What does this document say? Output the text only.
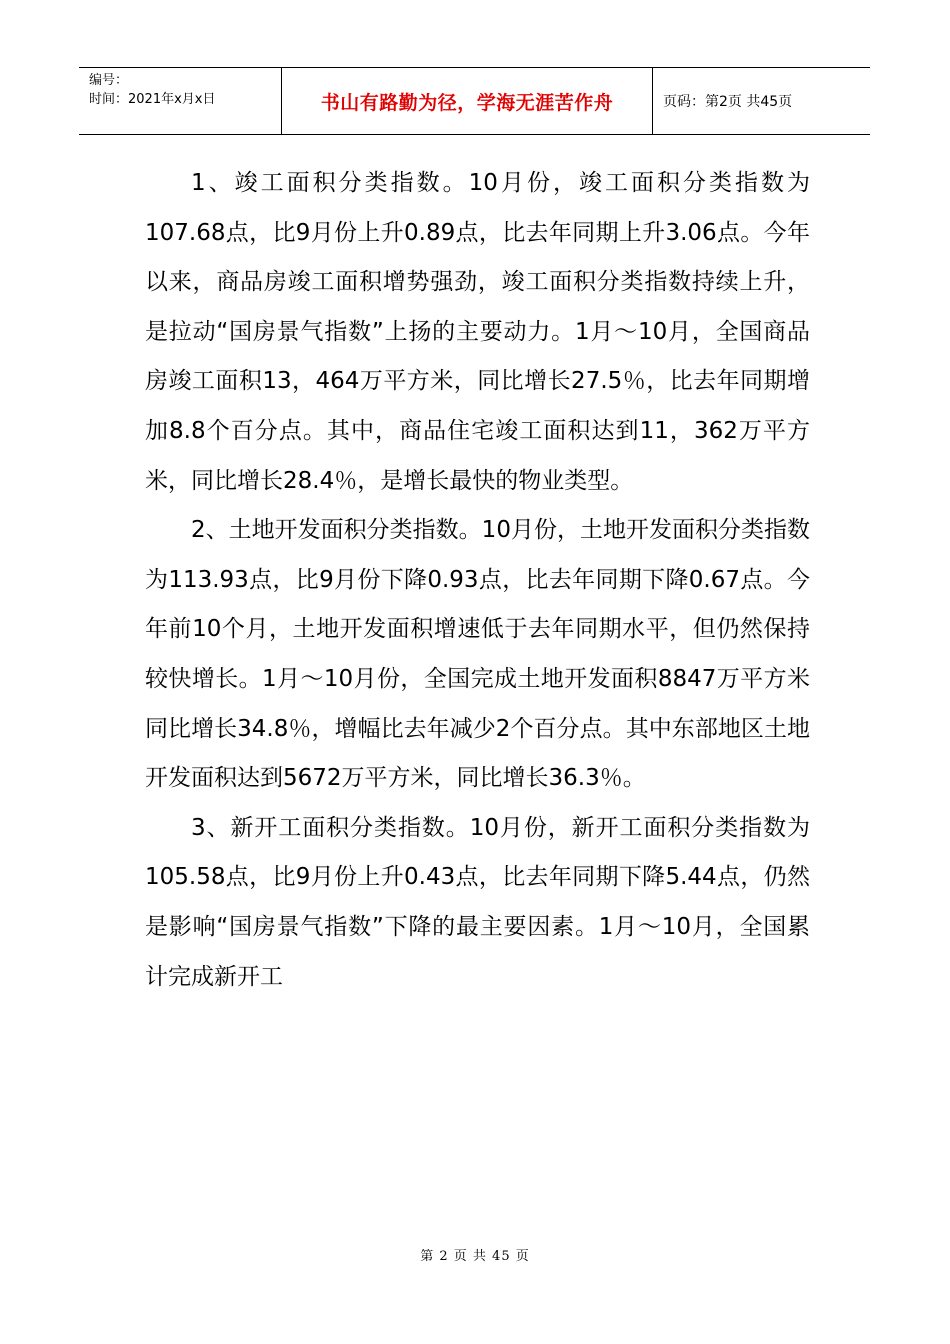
编号：
时间：2021年x月x日	书山有路勤为径，学海无涯苦作舟	页码：第2页 共45页

1、竣工面积分类指数。10月份，竣工面积分类指数为107.68点，比9月份上升0.89点，比去年同期上升3.06点。今年以来，商品房竣工面积增势强劲，竣工面积分类指数持续上升，是拉动“国房景气指数”上扬的主要动力。1月～10月，全国商品房竣工面积13，464万平方米，同比增长27.5％，比去年同期增加8.8个百分点。其中，商品住宅竣工面积达到11，362万平方米，同比增长28.4％，是增长最快的物业类型。

2、土地开发面积分类指数。10月份，土地开发面积分类指数为113.93点，比9月份下降0.93点，比去年同期下降0.67点。今年前10个月，土地开发面积增速低于去年同期水平，但仍然保持较快增长。1月～10月份，全国完成土地开发面积8847万平方米同比增长34.8％，增幅比去年减少2个百分点。其中东部地区土地开发面积达到5672万平方米，同比增长36.3％。

3、新开工面积分类指数。10月份，新开工面积分类指数为105.58点，比9月份上升0.43点，比去年同期下降5.44点，仍然是影响“国房景气指数”下降的最主要因素。1月～10月，全国累计完成新开工

第 2 页 共 45 页
